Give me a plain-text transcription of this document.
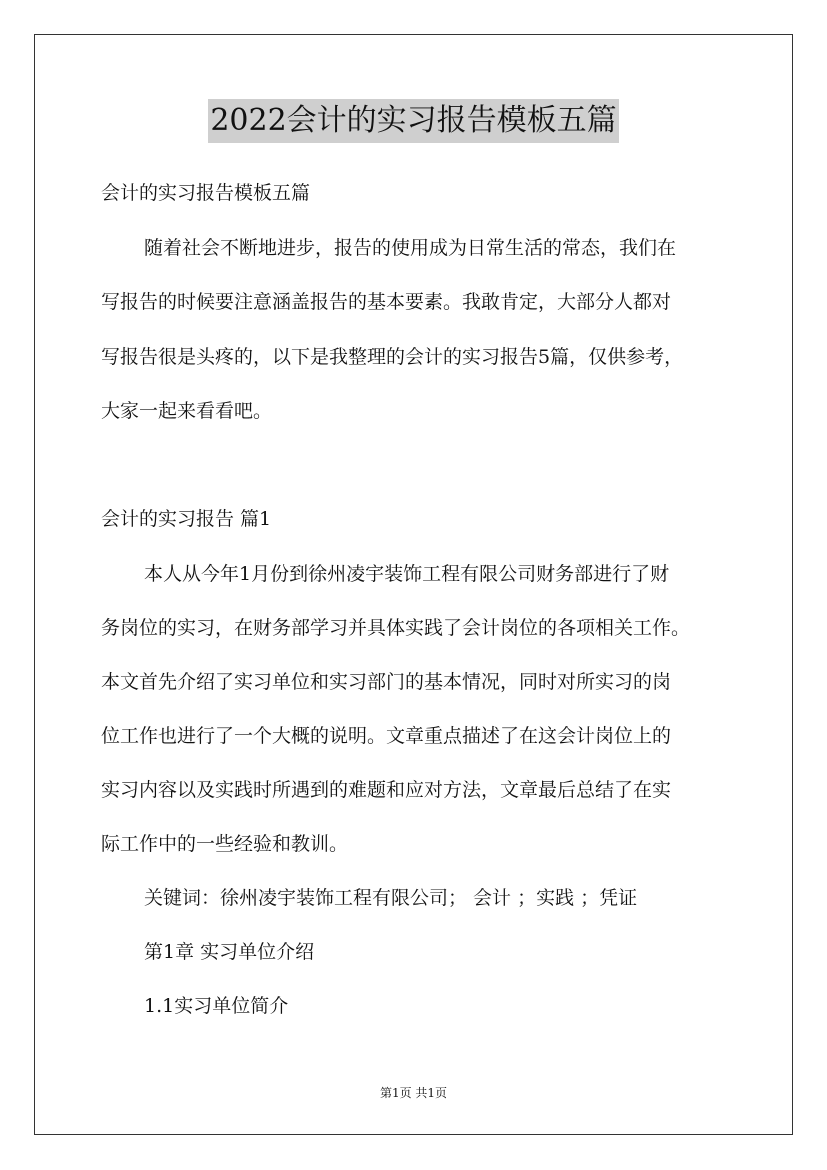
2022会计的实习报告模板五篇
会计的实习报告模板五篇
随着社会不断地进步，报告的使用成为日常生活的常态，我们在
写报告的时候要注意涵盖报告的基本要素。我敢肯定，大部分人都对
写报告很是头疼的，以下是我整理的会计的实习报告5篇，仅供参考，
大家一起来看看吧。
会计的实习报告 篇1
本人从今年1月份到徐州凌宇装饰工程有限公司财务部进行了财
务岗位的实习，在财务部学习并具体实践了会计岗位的各项相关工作。
本文首先介绍了实习单位和实习部门的基本情况，同时对所实习的岗
位工作也进行了一个大概的说明。文章重点描述了在这会计岗位上的
实习内容以及实践时所遇到的难题和应对方法，文章最后总结了在实
际工作中的一些经验和教训。
关键词：徐州凌宇装饰工程有限公司； 会计 ；实践 ；凭证
第1章 实习单位介绍
1.1实习单位简介
第1页 共1页
